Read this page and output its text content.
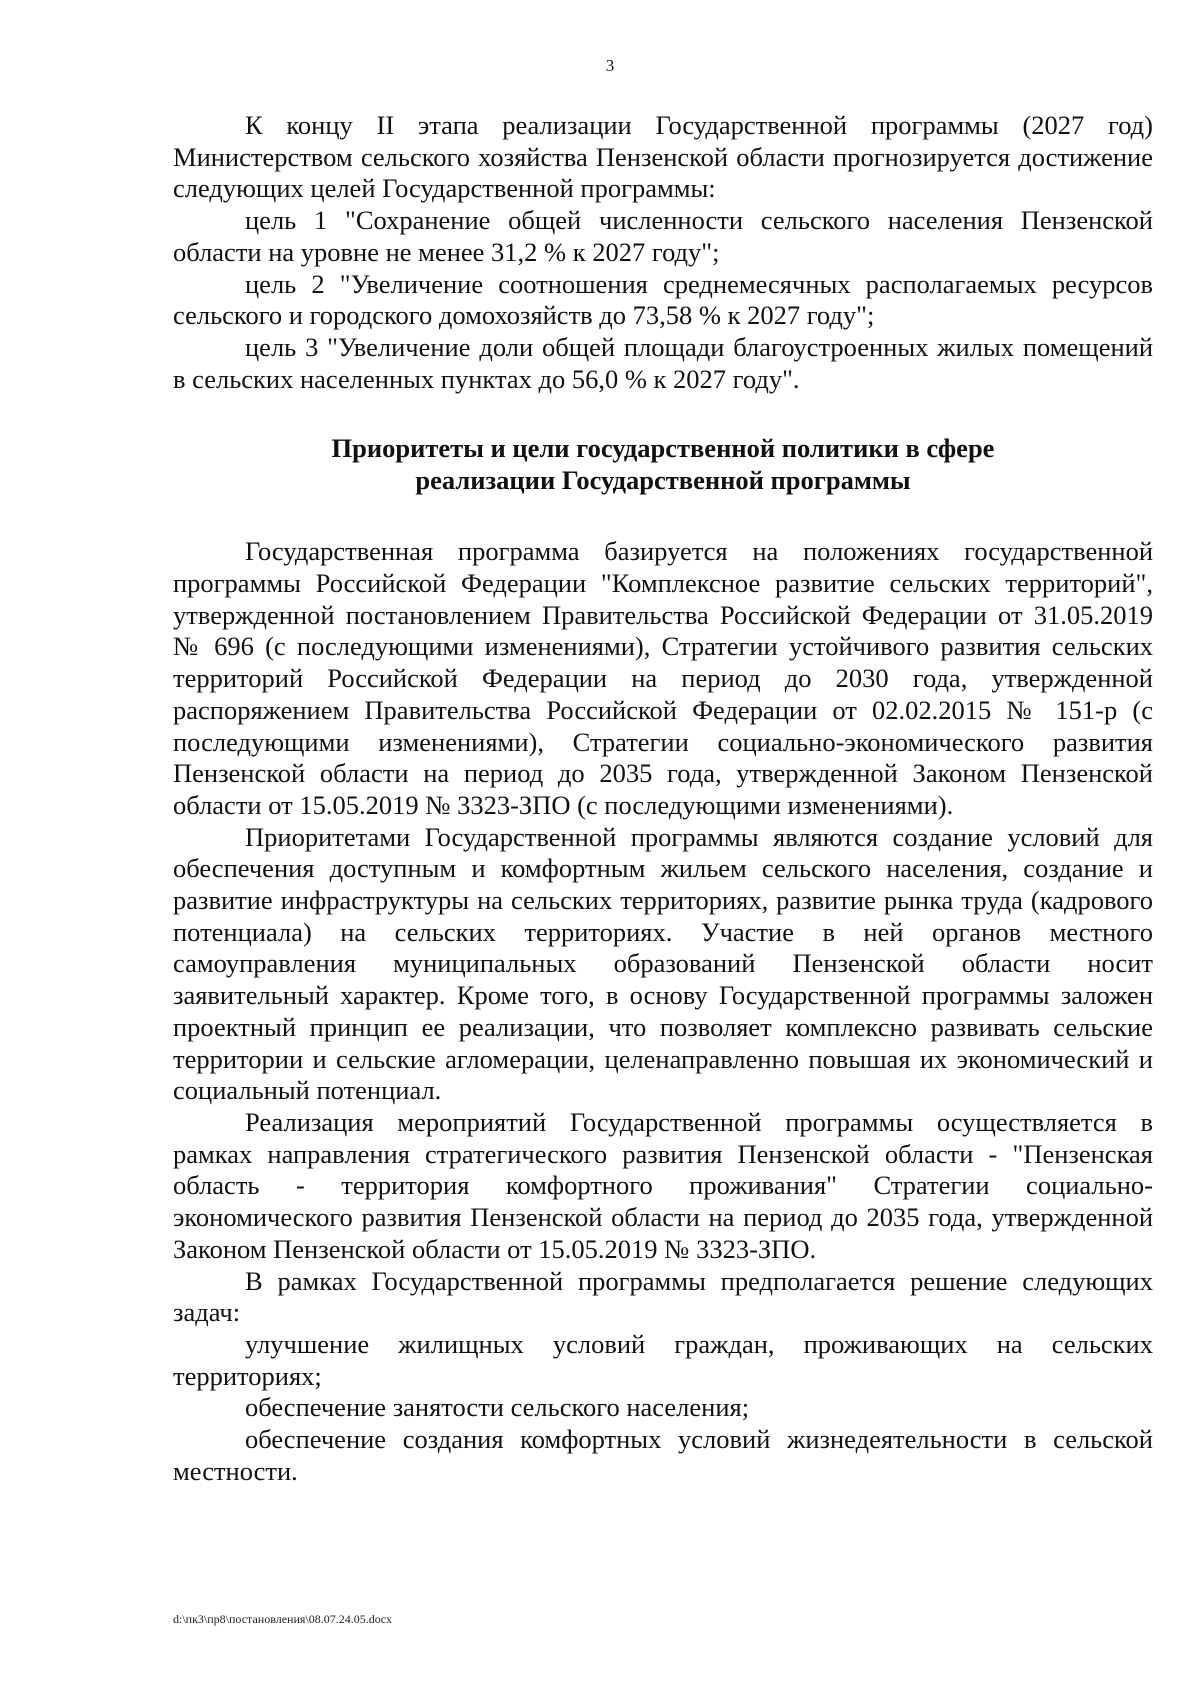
3

К концу II этапа реализации Государственной программы (2027 год) Министерством сельского хозяйства Пензенской области прогнозируется достижение следующих целей Государственной программы:

цель 1 "Сохранение общей численности сельского населения Пензенской области на уровне не менее 31,2 % к 2027 году";

цель 2 "Увеличение соотношения среднемесячных располагаемых ресурсов сельского и городского домохозяйств до 73,58 % к 2027 году";

цель 3 "Увеличение доли общей площади благоустроенных жилых помещений в сельских населенных пунктах до 56,0 % к 2027 году".

Приоритеты и цели государственной политики в сфере
реализации Государственной программы

Государственная программа базируется на положениях государственной программы Российской Федерации "Комплексное развитие сельских территорий", утвержденной постановлением Правительства Российской Федерации от 31.05.2019 № 696 (с последующими изменениями), Стратегии устойчивого развития сельских территорий Российской Федерации на период до 2030 года, утвержденной распоряжением Правительства Российской Федерации от 02.02.2015 № 151-р (с последующими изменениями), Стратегии социально-экономического развития Пензенской области на период до 2035 года, утвержденной Законом Пензенской области от 15.05.2019 № 3323-ЗПО (с последующими изменениями).

Приоритетами Государственной программы являются создание условий для обеспечения доступным и комфортным жильем сельского населения, создание и развитие инфраструктуры на сельских территориях, развитие рынка труда (кадрового потенциала) на сельских территориях. Участие в ней органов местного самоуправления муниципальных образований Пензенской области носит заявительный характер. Кроме того, в основу Государственной программы заложен проектный принцип ее реализации, что позволяет комплексно развивать сельские территории и сельские агломерации, целенаправленно повышая их экономический и социальный потенциал.

Реализация мероприятий Государственной программы осуществляется в рамках направления стратегического развития Пензенской области - "Пензенская область - территория комфортного проживания" Стратегии социально-экономического развития Пензенской области на период до 2035 года, утвержденной Законом Пензенской области от 15.05.2019 № 3323-ЗПО.

В рамках Государственной программы предполагается решение следующих задач:

улучшение жилищных условий граждан, проживающих на сельских территориях;

обеспечение занятости сельского населения;

обеспечение создания комфортных условий жизнедеятельности в сельской местности.

d:\пк3\пр8\постановления\08.07.24.05.docx
